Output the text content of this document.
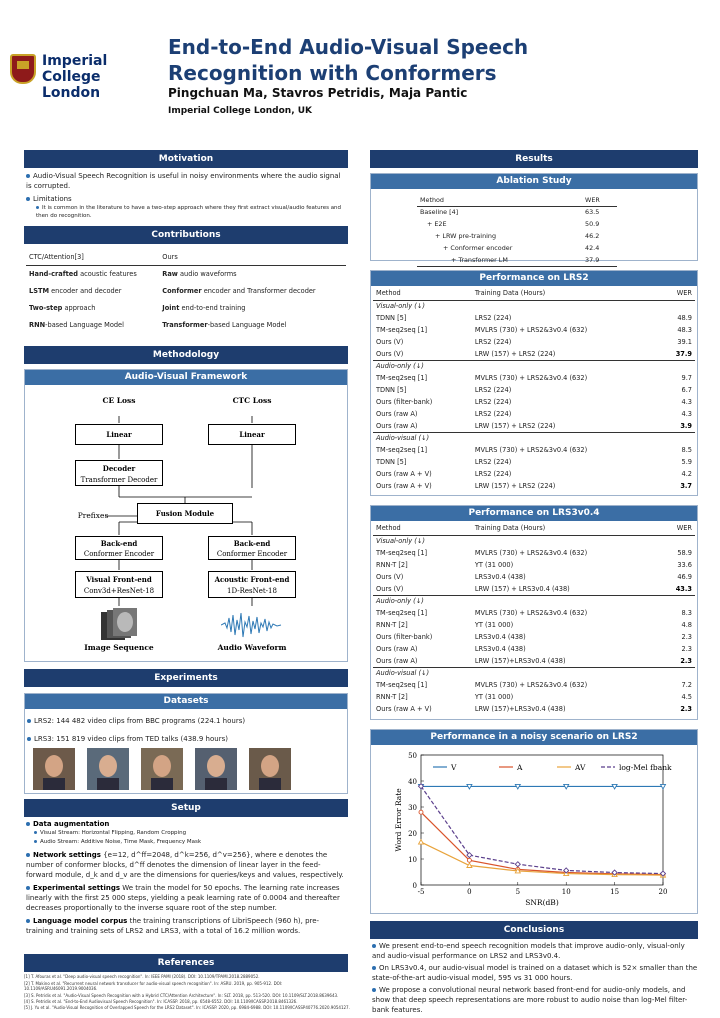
Imperial College
London
End-to-End Audio-Visual Speech Recognition with Conformers
Pingchuan Ma, Stavros Petridis, Maja Pantic
Imperial College London, UK
Motivation
Audio-Visual Speech Recognition is useful in noisy environments where the audio signal is corrupted.
Limitations
It is common in the literature to have a two-step approach where they first extract visual/audio features and then do recognition.
Contributions
CTC/Attention[3]	Ours
Hand-crafted acoustic features	Raw audio waveforms
LSTM encoder and decoder	Conformer encoder and Transformer decoder
Two-step approach	Joint end-to-end training
RNN-based Language Model	Transformer-based Language Model
Methodology
Audio-Visual Framework
CE Loss	CTC Loss
Linear	Linear
Decoder
Transformer Decoder
Prefixes	Fusion Module
Back-end
Conformer Encoder
Back-end
Conformer Encoder
Visual Front-end
Conv3d+ResNet-18
Acoustic Front-end
1D-ResNet-18
Image Sequence	Audio Waveform
Experiments
Datasets
LRS2: 144 482 video clips from BBC programs (224.1 hours)
LRS3: 151 819 video clips from TED talks (438.9 hours)
Setup
Data augmentation
Visual Stream: Horizontal Flipping, Random Cropping
Audio Stream: Additive Noise, Time Mask, Frequency Mask
Network settings {e=12, d^ff=2048, d^k=256, d^v=256}, where e denotes the number of conformer blocks, d^ff denotes the dimension of linear layer in the feed-forward module, d_k and d_v are the dimensions for queries/keys and values, respectively.
Experimental settings We train the model for 50 epochs. The learning rate increases linearly with the first 25 000 steps, yielding a peak learning rate of 0.0004 and thereafter decreases proportionally to the inverse square root of the step number.
Language model corpus the training transcriptions of LibriSpeech (960 h), pre-training and training sets of LRS2 and LRS3, with a total of 16.2 million words.
References
[1] T. Afouras et al. "Deep audio-visual speech recognition". In: IEEE PAMI (2018). DOI: 10.1109/TPAMI.2018.2889052.
[2] T. Makino et al. "Recurrent neural network transducer for audio-visual speech recognition". In: ASRU. 2019, pp. 905-912. DOI: 10.1109/ASRU46091.2019.9004036.
[3] S. Petridis et al. "Audio-Visual Speech Recognition with a Hybrid CTC/Attention Architecture". In: SLT. 2018, pp. 513-520. DOI: 10.1109/SLT.2018.8639643.
[4] S. Petridis et al. "End-to-End Audiovisual Speech Recognition". In: ICASSP. 2018, pp. 6548-6552. DOI: 10.1109/ICASSP.2018.8461326.
[5] J. Yu et al. "Audio-Visual Recognition of Overlapped Speech for the LRS2 Dataset". In: ICASSP. 2020, pp. 6984-6988. DOI: 10.1109/ICASSP40776.2020.9054127.
Results
Ablation Study
Method	WER
Baseline [4]	63.5
+ E2E	50.9
+ LRW pre-training	46.2
+ Conformer encoder	42.4
+ Transformer LM	37.9
Performance on LRS2
Method	Training Data (Hours)	WER
Visual-only (↓)		
TDNN [5]	LRS2 (224)	48.9
TM-seq2seq [1]	MVLRS (730) + LRS2&3v0.4 (632)	48.3
Ours (V)	LRS2 (224)	39.1
Ours (V)	LRW (157) + LRS2 (224)	37.9
Audio-only (↓)		
TM-seq2seq [1]	MVLRS (730) + LRS2&3v0.4 (632)	9.7
TDNN [5]	LRS2 (224)	6.7
Ours (filter-bank)	LRS2 (224)	4.3
Ours (raw A)	LRS2 (224)	4.3
Ours (raw A)	LRW (157) + LRS2 (224)	3.9
Audio-visual (↓)		
TM-seq2seq [1]	MVLRS (730) + LRS2&3v0.4 (632)	8.5
TDNN [5]	LRS2 (224)	5.9
Ours (raw A + V)	LRS2 (224)	4.2
Ours (raw A + V)	LRW (157) + LRS2 (224)	3.7
Performance on LRS3v0.4
Method	Training Data (Hours)	WER
Visual-only (↓)		
TM-seq2seq [1]	MVLRS (730) + LRS2&3v0.4 (632)	58.9
RNN-T [2]	YT (31 000)	33.6
Ours (V)	LRS3v0.4 (438)	46.9
Ours (V)	LRW (157) + LRS3v0.4 (438)	43.3
Audio-only (↓)		
TM-seq2seq [1]	MVLRS (730) + LRS2&3v0.4 (632)	8.3
RNN-T [2]	YT (31 000)	4.8
Ours (filter-bank)	LRS3v0.4 (438)	2.3
Ours (raw A)	LRS3v0.4 (438)	2.3
Ours (raw A)	LRW (157)+LRS3v0.4 (438)	2.3
Audio-visual (↓)		
TM-seq2seq [1]	MVLRS (730) + LRS2&3v0.4 (632)	7.2
RNN-T [2]	YT (31 000)	4.5
Ours (raw A + V)	LRW (157)+LRS3v0.4 (438)	2.3
Performance in a noisy scenario on LRS2
0
10
20
30
40
50
-5	0	5	10	15	20
SNR(dB)
Word Error Rate
V	A	AV	log-Mel fbank
Conclusions
We present end-to-end speech recognition models that improve audio-only, visual-only and audio-visual performance on LRS2 and LRS3v0.4.
On LRS3v0.4, our audio-visual model is trained on a dataset which is 52× smaller than the state-of-the-art audio-visual model, 595 vs 31 000 hours.
We propose a convolutional neural network based front-end for audio-only models, and show that deep speech representations are more robust to audio noise than log-Mel filter-bank features.
